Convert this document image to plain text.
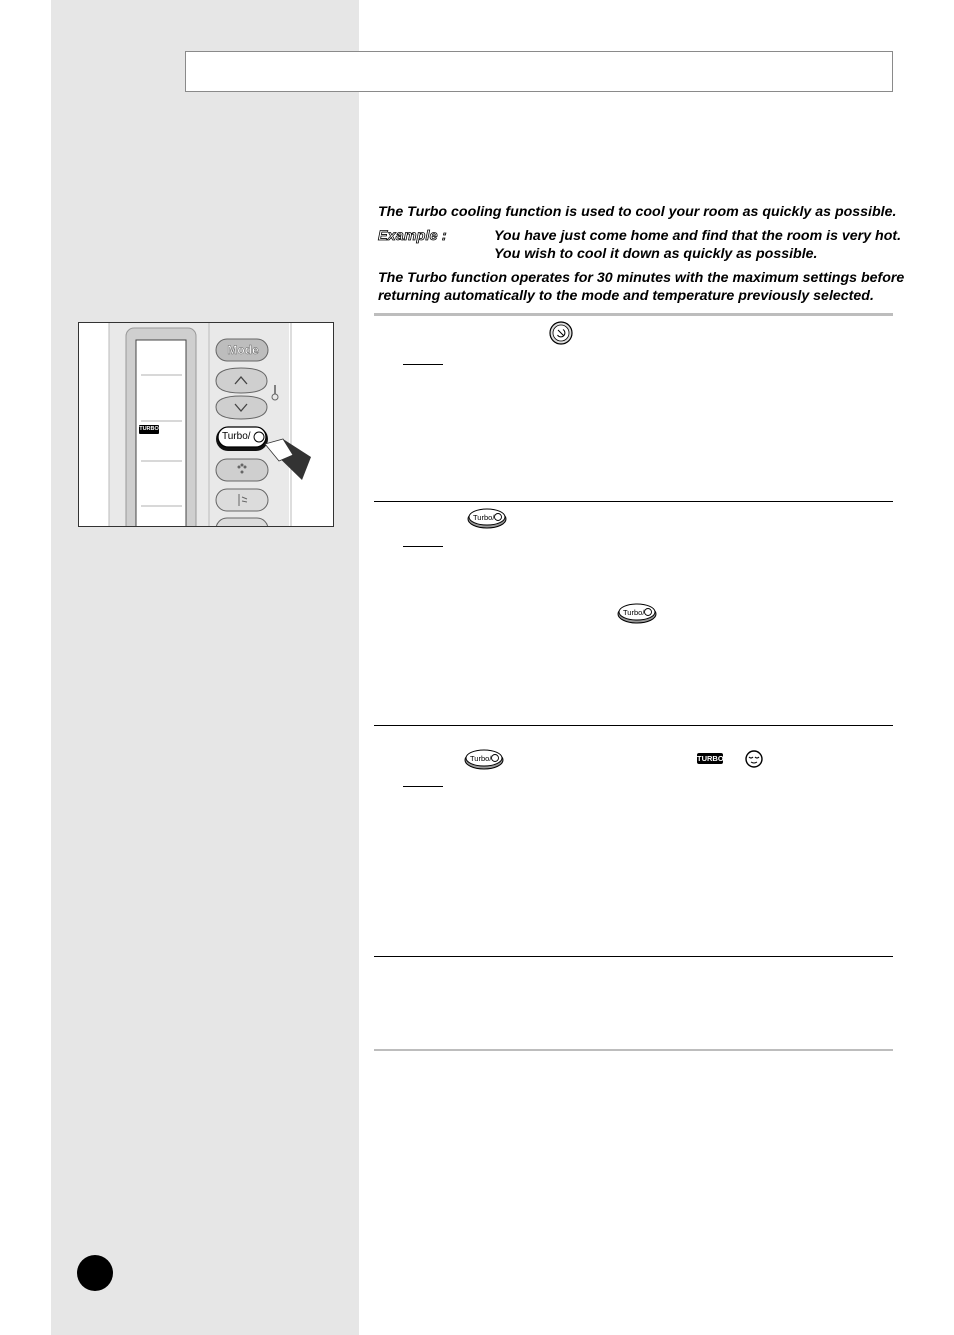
The Turbo cooling function is used to cool your room as quickly as possible.

Example :	You have just come home and find that the room is very hot. You wish to cool it down as quickly as possible.

The Turbo function operates for 30 minutes with the maximum settings before returning automatically to the mode and temperature previously selected.

Turbo/
Turbo/
Turbo/	TURBO
Mode
Turbo/
TURBO
